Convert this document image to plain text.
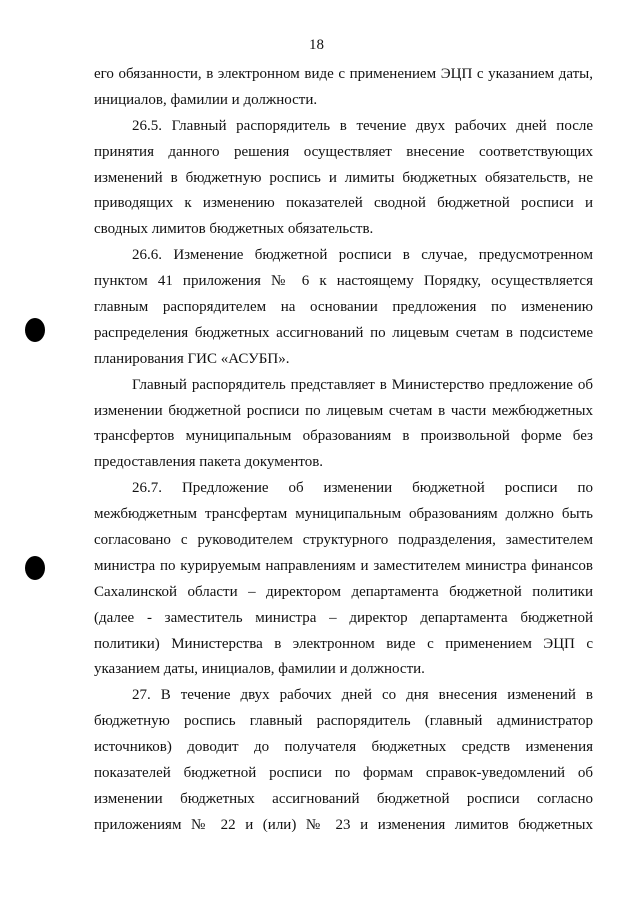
18
его обязанности, в электронном виде с применением ЭЦП с указанием даты,
инициалов, фамилии и должности.
26.5. Главный распорядитель в течение двух рабочих дней после
принятия данного решения осуществляет внесение соответствующих
изменений в бюджетную роспись и лимиты бюджетных обязательств, не
приводящих к изменению показателей сводной бюджетной росписи и
сводных лимитов бюджетных обязательств.
26.6. Изменение бюджетной росписи в случае, предусмотренном
пунктом 41 приложения № 6 к настоящему Порядку, осуществляется
главным распорядителем на основании предложения по изменению
распределения бюджетных ассигнований по лицевым счетам в подсистеме
планирования ГИС «АСУБП».
Главный распорядитель представляет в Министерство предложение об
изменении бюджетной росписи по лицевым счетам в части межбюджетных
трансфертов муниципальным образованиям в произвольной форме без
предоставления пакета документов.
26.7. Предложение об изменении бюджетной росписи по
межбюджетным трансфертам муниципальным образованиям должно быть
согласовано с руководителем структурного подразделения, заместителем
министра по курируемым направлениям и заместителем министра финансов
Сахалинской области – директором департамента бюджетной политики
(далее - заместитель министра – директор департамента бюджетной
политики) Министерства в электронном виде с применением ЭЦП с
указанием даты, инициалов, фамилии и должности.
27. В течение двух рабочих дней со дня внесения изменений в
бюджетную роспись главный распорядитель (главный администратор
источников) доводит до получателя бюджетных средств изменения
показателей бюджетной росписи по формам справок-уведомлений об
изменении бюджетных ассигнований бюджетной росписи согласно
приложениям № 22 и (или) № 23 и изменения лимитов бюджетных
